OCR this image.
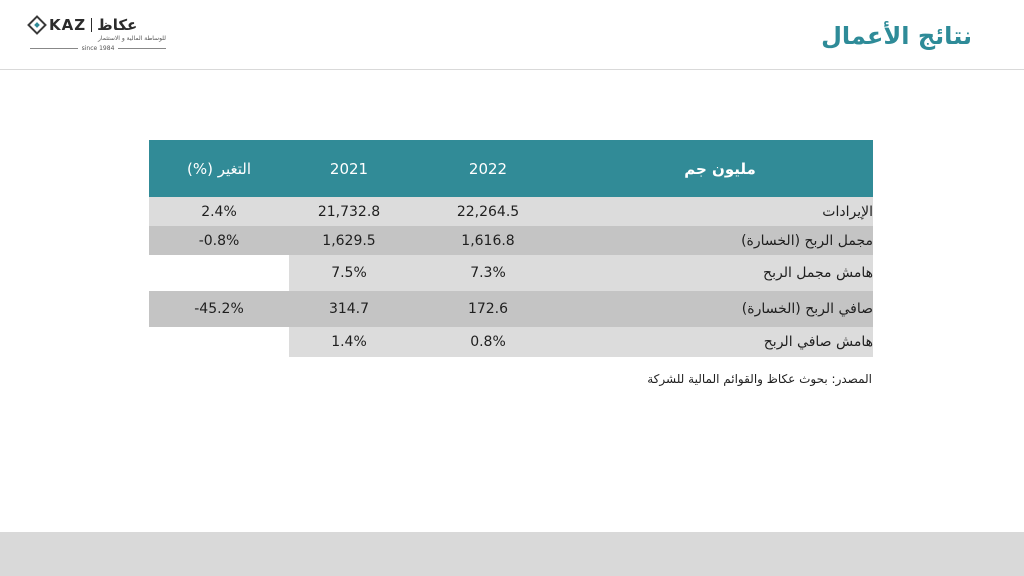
KAZ عكاظ
للوساطة المالية و الاستثمار
since 1984	نتائج الأعمال
مليون جم
2022
2021
التغير (%)
الإيرادات
22,264.5
21,732.8
2.4%
مجمل الربح (الخسارة)
1,616.8
1,629.5
-0.8%
هامش مجمل الربح
7.3%
7.5%
صافي الربح (الخسارة)
172.6
314.7
-45.2%
هامش صافي الربح
0.8%
1.4%
المصدر: بحوث عكاظ والقوائم المالية للشركة
